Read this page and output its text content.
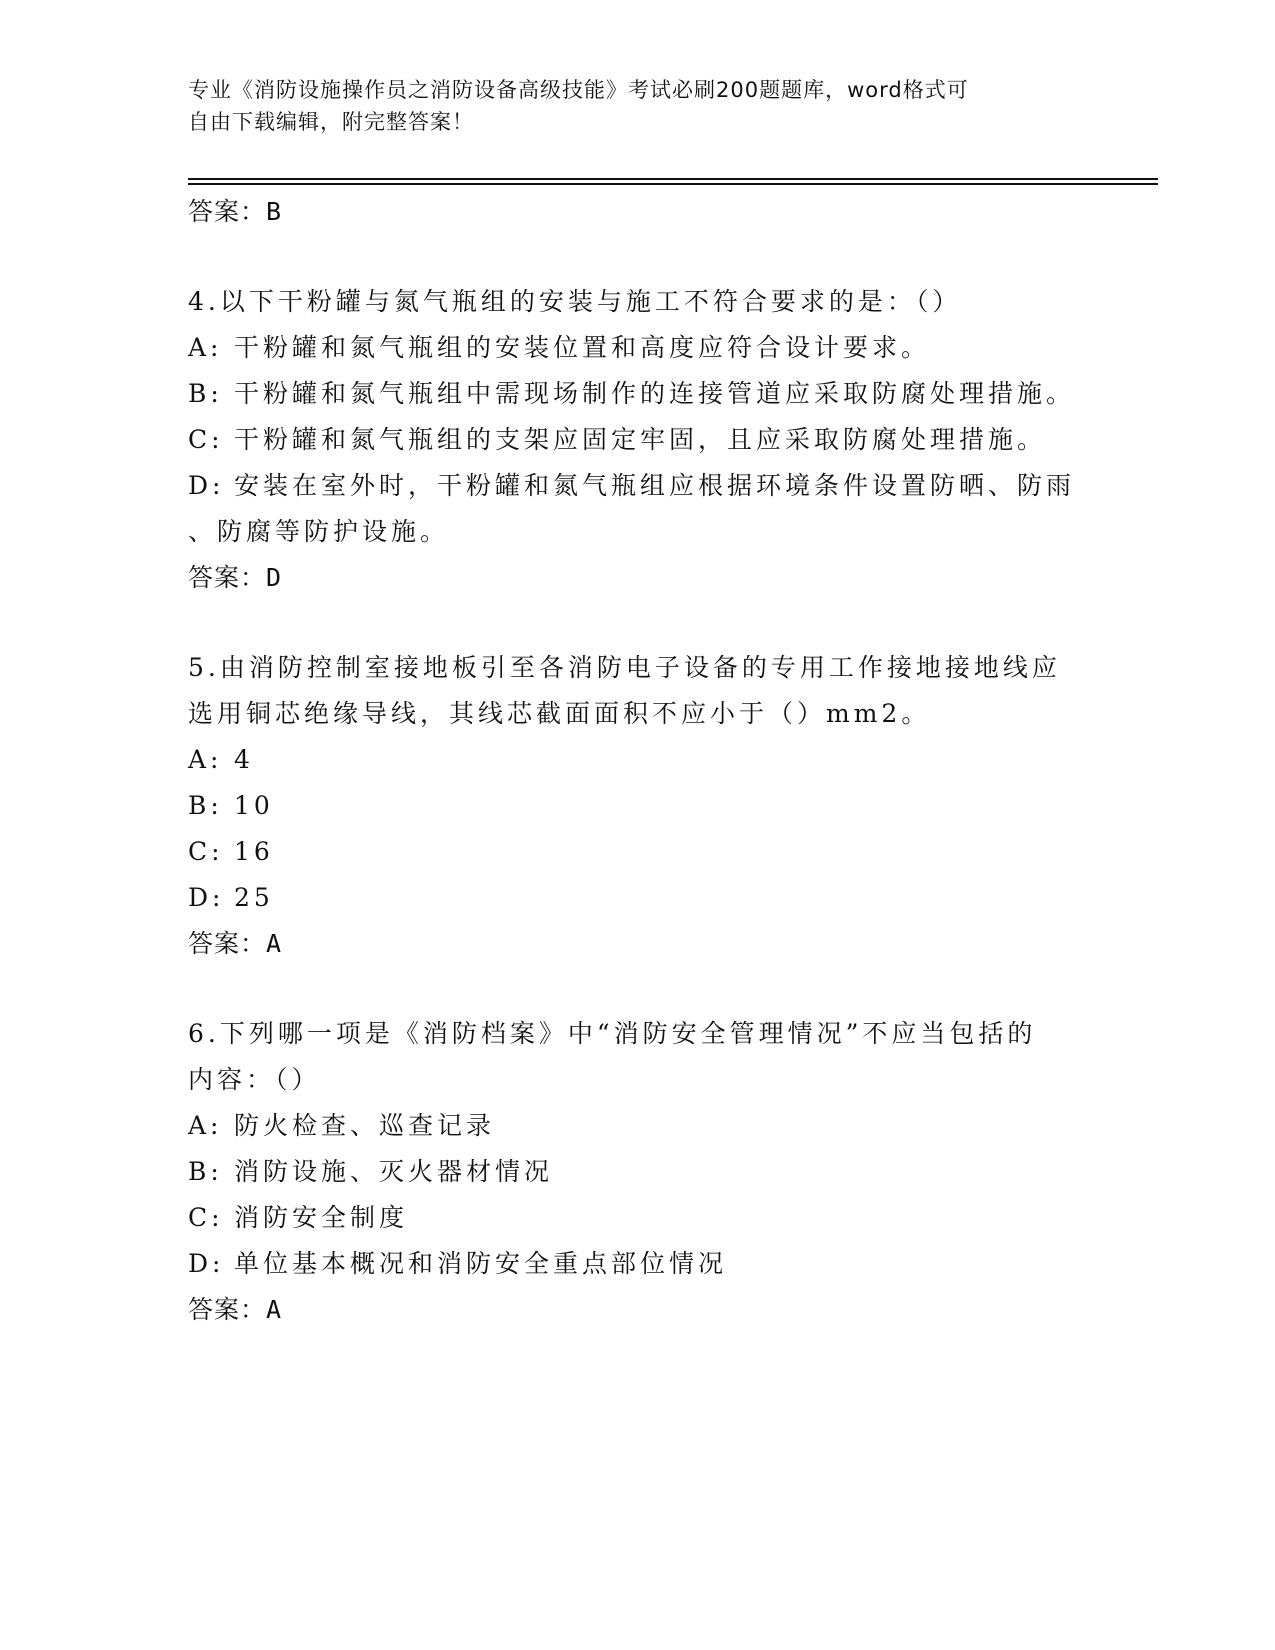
专业《消防设施操作员之消防设备高级技能》考试必刷200题题库，word格式可
自由下载编辑，附完整答案！

答案：B

4.以下干粉罐与氮气瓶组的安装与施工不符合要求的是：（）

A: 干粉罐和氮气瓶组的安装位置和高度应符合设计要求。

B: 干粉罐和氮气瓶组中需现场制作的连接管道应采取防腐处理措施。

C: 干粉罐和氮气瓶组的支架应固定牢固，且应采取防腐处理措施。

D: 安装在室外时，干粉罐和氮气瓶组应根据环境条件设置防晒、防雨

、防腐等防护设施。

答案：D

5.由消防控制室接地板引至各消防电子设备的专用工作接地接地线应

选用铜芯绝缘导线，其线芯截面面积不应小于（）mm2。

A: 4

B: 10

C: 16

D: 25

答案：A

6.下列哪一项是《消防档案》中“消防安全管理情况”不应当包括的

内容：（）

A: 防火检查、巡查记录

B: 消防设施、灭火器材情况

C: 消防安全制度

D: 单位基本概况和消防安全重点部位情况

答案：A
